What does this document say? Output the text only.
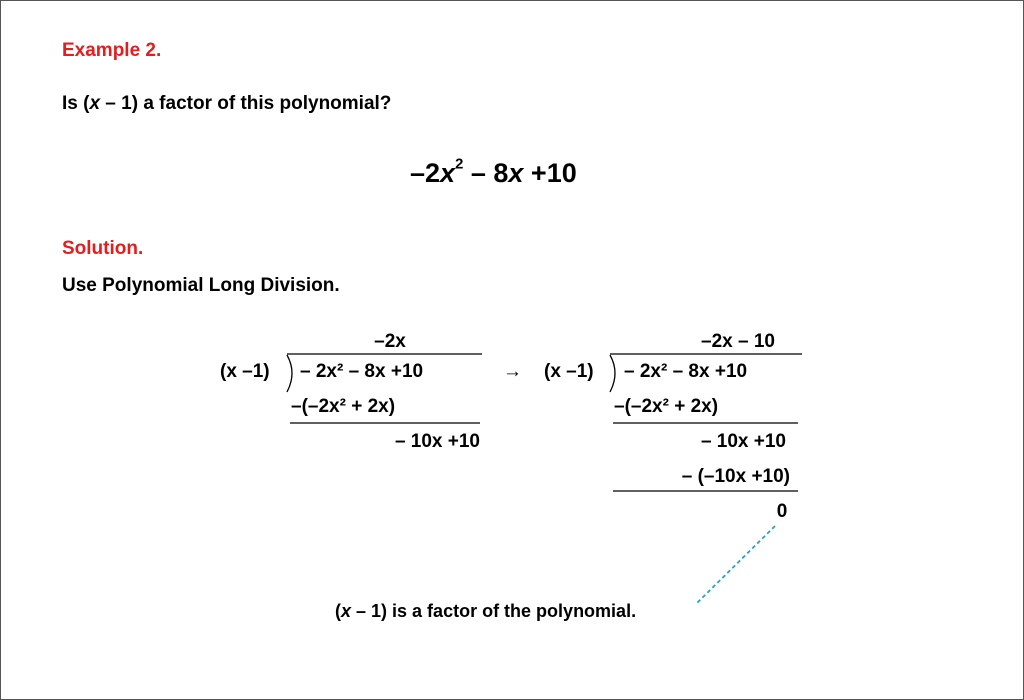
Example 2.
Is (x – 1) a factor of this polynomial?
$-2x^2 - 8x +10$
Solution.
Use Polynomial Long Division.
–2x
(x –1) – 2x² – 8x +10
–(–2x² + 2x)
– 10x +10
→
–2x – 10
(x –1) – 2x² – 8x +10
–(–2x² + 2x)
– 10x +10
– (–10x +10)
0
(x – 1) is a factor of the polynomial.
